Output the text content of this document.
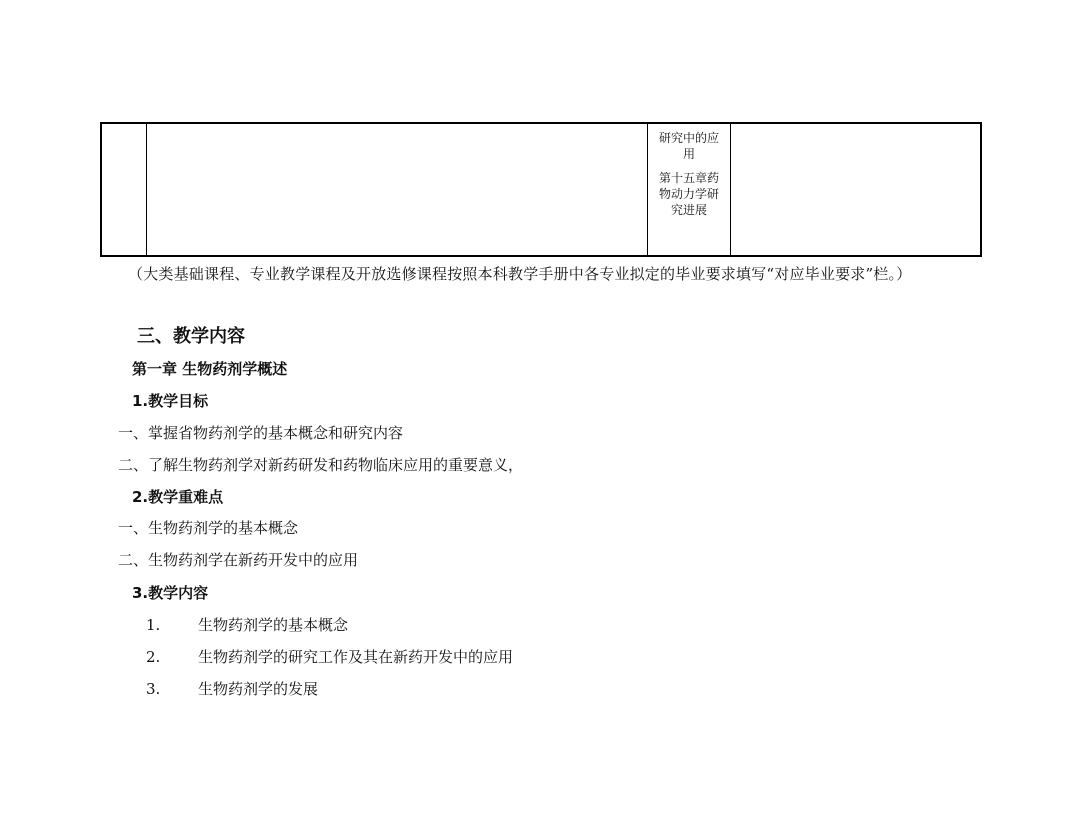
研究中的应用
第十五章药物动力学研究进展

（大类基础课程、专业教学课程及开放选修课程按照本科教学手册中各专业拟定的毕业要求填写“对应毕业要求”栏。）
三、教学内容
第一章 生物药剂学概述
1.教学目标
一、掌握省物药剂学的基本概念和研究内容
二、了解生物药剂学对新药研发和药物临床应用的重要意义，
2.教学重难点
一、生物药剂学的基本概念
二、生物药剂学在新药开发中的应用
3.教学内容
1.	生物药剂学的基本概念
2.	生物药剂学的研究工作及其在新药开发中的应用
3.	生物药剂学的发展
